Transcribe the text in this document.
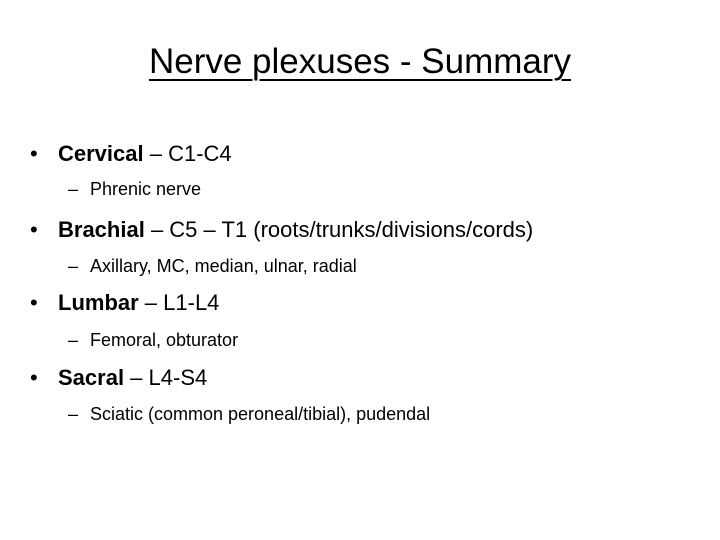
Nerve plexuses - Summary
• Cervical – C1-C4
– Phrenic nerve
• Brachial – C5 – T1 (roots/trunks/divisions/cords)
– Axillary, MC, median, ulnar, radial
• Lumbar – L1-L4
– Femoral, obturator
• Sacral – L4-S4
– Sciatic (common peroneal/tibial), pudendal
